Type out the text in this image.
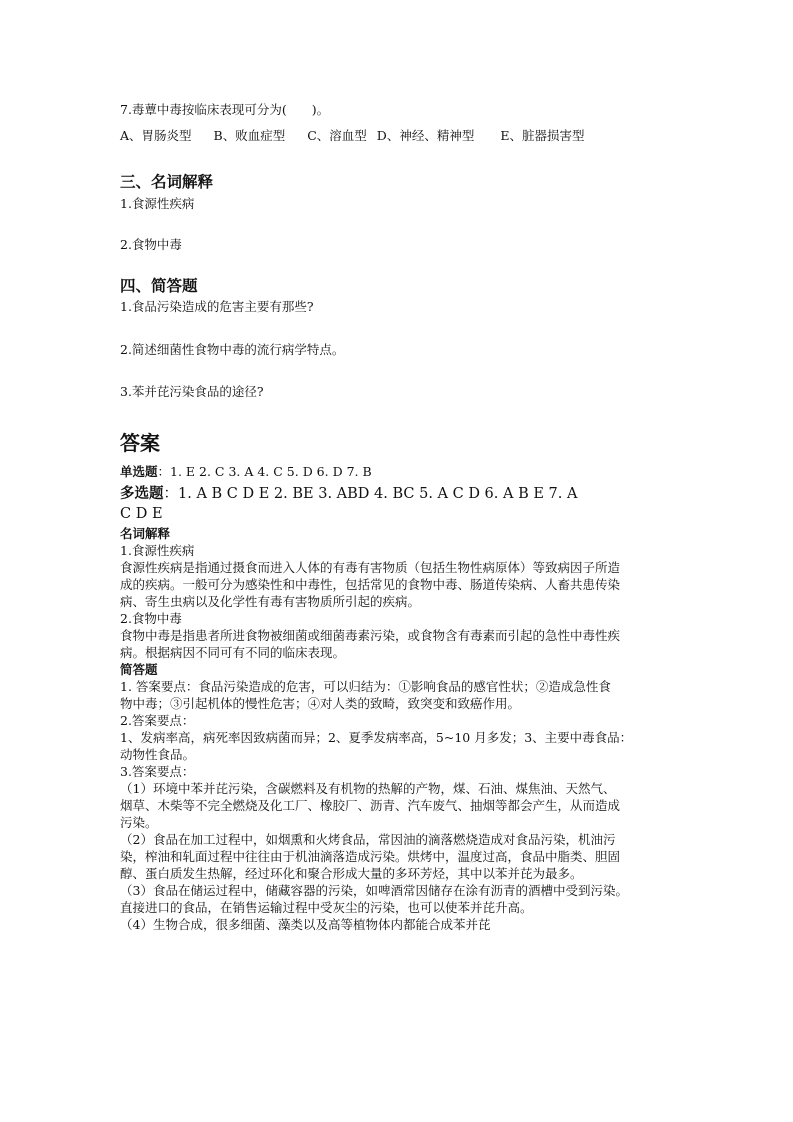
7.毒蕈中毒按临床表现可分为(　　)。
A、胃肠炎型 B、败血症型 C、溶血型 D、神经、精神型 E、脏器损害型
三、名词解释
1.食源性疾病
2.食物中毒
四、简答题
1.食品污染造成的危害主要有那些?
2.简述细菌性食物中毒的流行病学特点。
3.苯并芘污染食品的途径?
答案
单选题：1. E 2. C 3. A 4. C 5. D 6. D 7. B
多选题：1. A B C D E 2. BE 3. ABD 4. BC 5. A C D 6. A B E 7. A
C D E
名词解释
1.食源性疾病
食源性疾病是指通过摄食而进入人体的有毒有害物质（包括生物性病原体）等致病因子所造
成的疾病。一般可分为感染性和中毒性，包括常见的食物中毒、肠道传染病、人畜共患传染
病、寄生虫病以及化学性有毒有害物质所引起的疾病。
2.食物中毒
食物中毒是指患者所进食物被细菌或细菌毒素污染，或食物含有毒素而引起的急性中毒性疾
病。根据病因不同可有不同的临床表现。
简答题
1. 答案要点：食品污染造成的危害，可以归结为：①影响食品的感官性状；②造成急性食
物中毒；③引起机体的慢性危害；④对人类的致畸，致突变和致癌作用。
2.答案要点：
1、发病率高，病死率因致病菌而异；2、夏季发病率高，5~10 月多发；3、主要中毒食品：
动物性食品。
3.答案要点：
（1）环境中苯并芘污染，含碳燃料及有机物的热解的产物，煤、石油、煤焦油、天然气、
烟草、木柴等不完全燃烧及化工厂、橡胶厂、沥青、汽车废气、抽烟等都会产生，从而造成
污染。
（2）食品在加工过程中，如烟熏和火烤食品，常因油的滴落燃烧造成对食品污染，机油污
染，榨油和轧面过程中往往由于机油滴落造成污染。烘烤中，温度过高，食品中脂类、胆固
醇、蛋白质发生热解，经过环化和聚合形成大量的多环芳烃，其中以苯并芘为最多。
（3）食品在储运过程中，储藏容器的污染，如啤酒常因储存在涂有沥青的酒槽中受到污染。
直接进口的食品，在销售运输过程中受灰尘的污染，也可以使苯并芘升高。
（4）生物合成，很多细菌、藻类以及高等植物体内都能合成苯并芘
